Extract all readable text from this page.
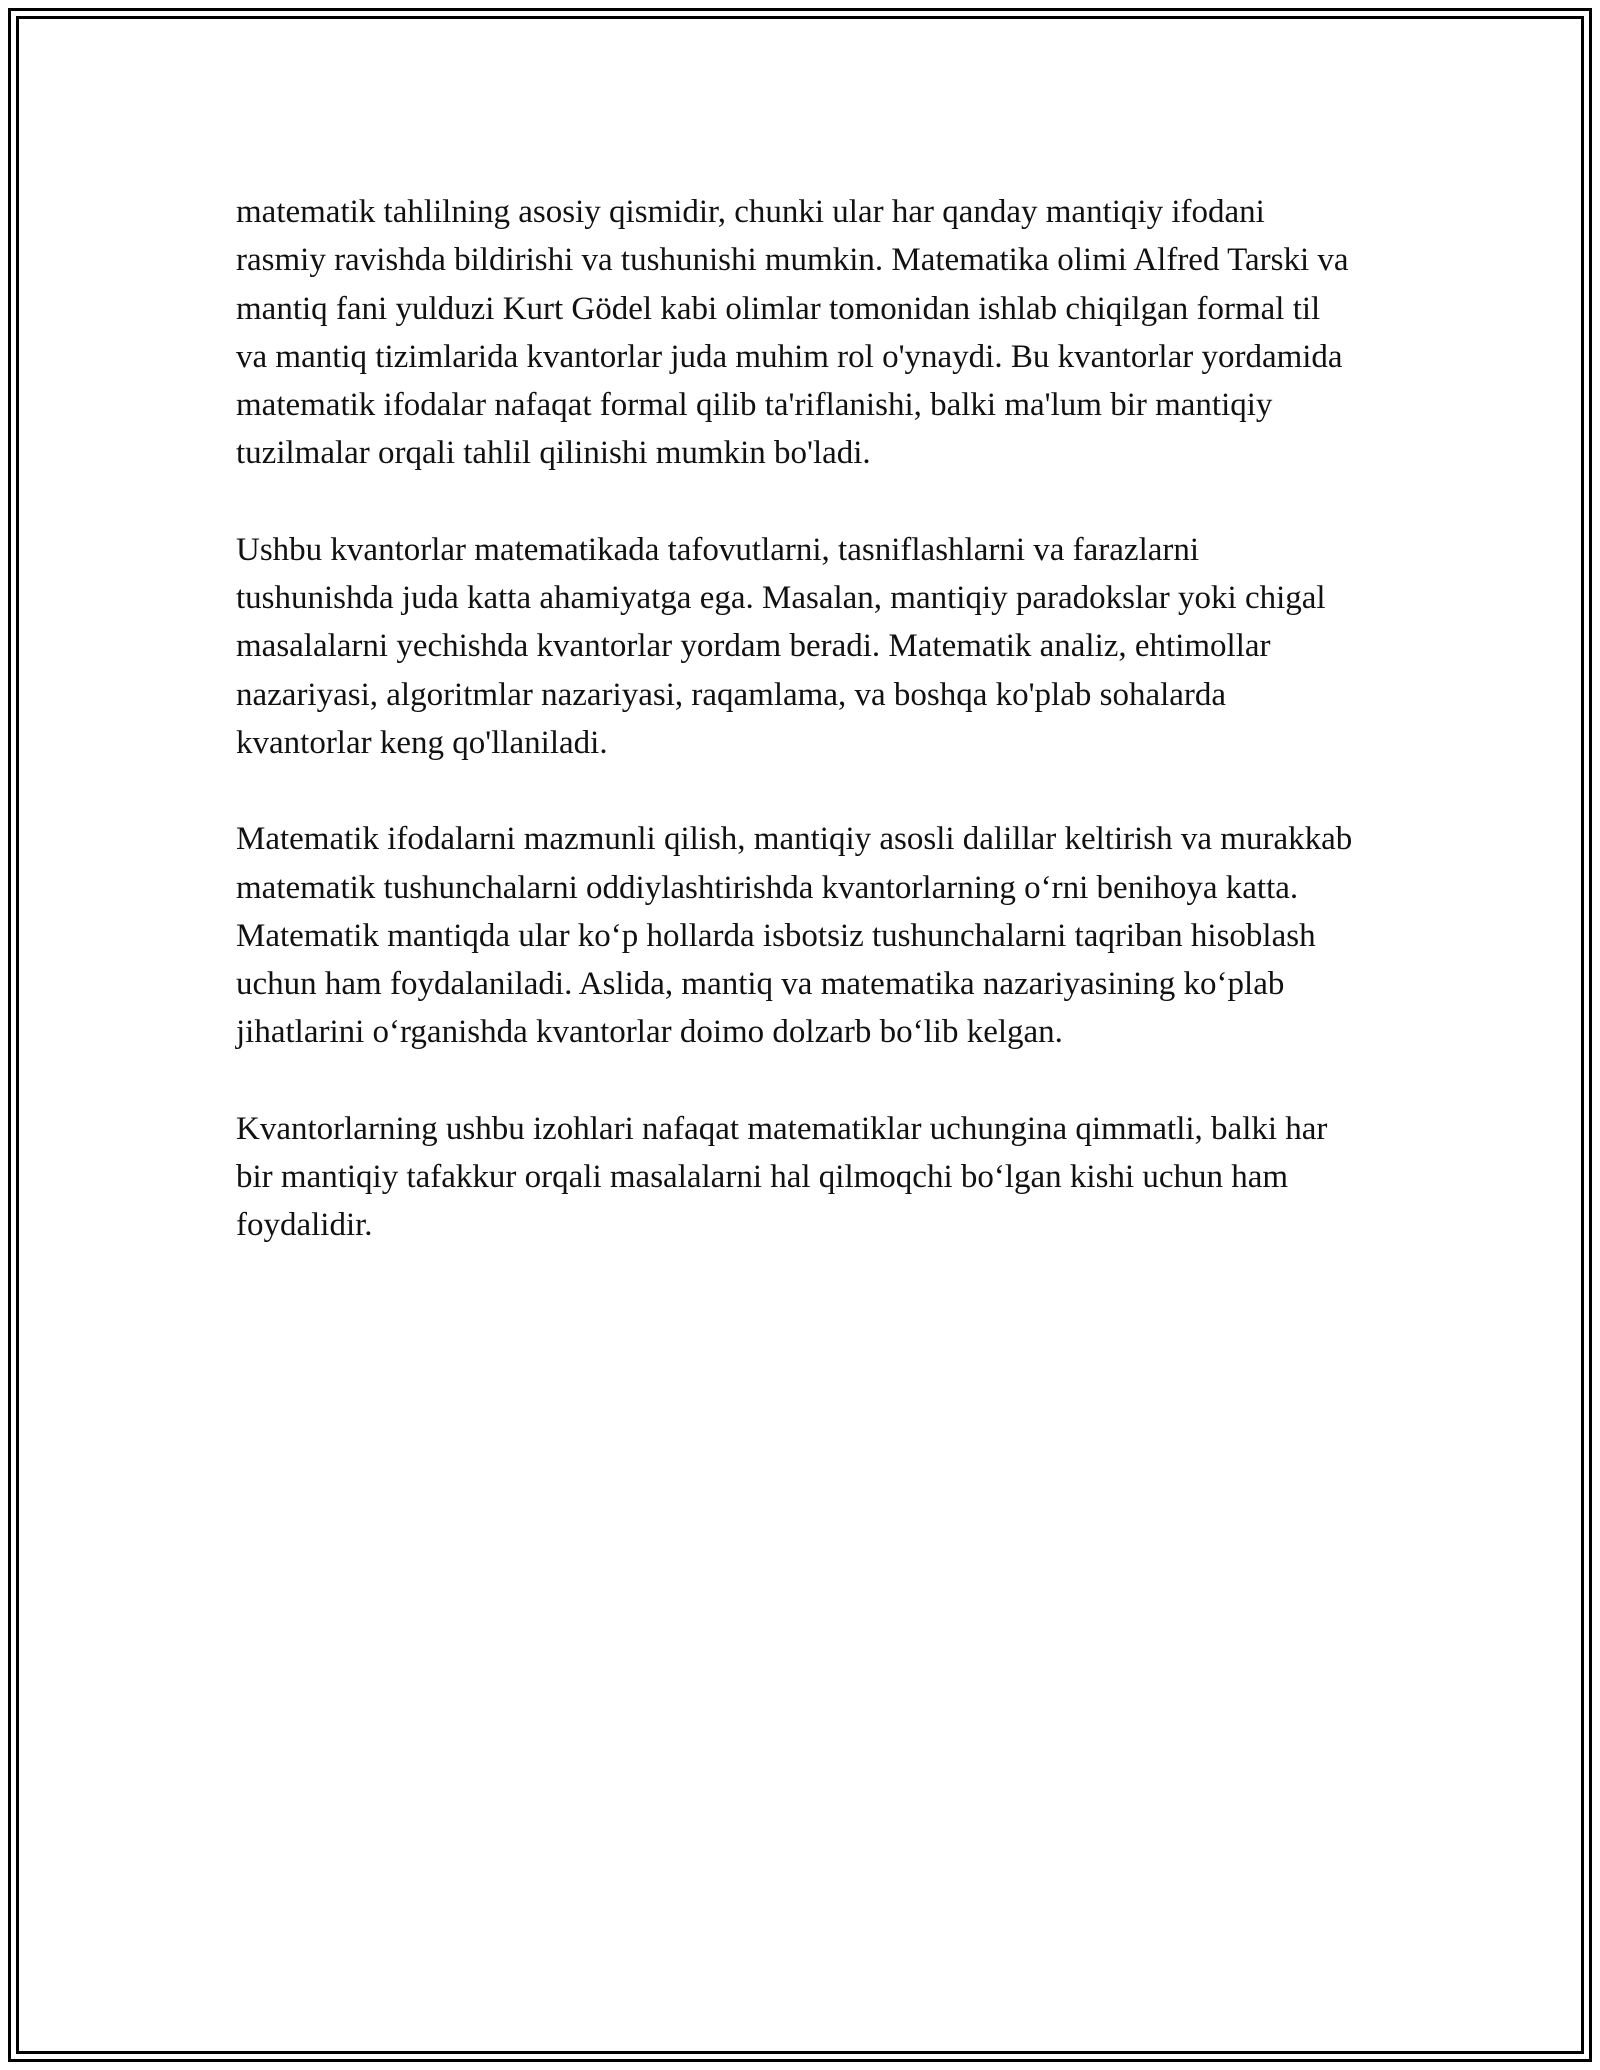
matematik tahlilning asosiy qismidir, chunki ular har qanday mantiqiy ifodani rasmiy ravishda bildirishi va tushunishi mumkin. Matematika olimi Alfred Tarski va mantiq fani yulduzi Kurt Gödel kabi olimlar tomonidan ishlab chiqilgan formal til va mantiq tizimlarida kvantorlar juda muhim rol o'ynaydi. Bu kvantorlar yordamida matematik ifodalar nafaqat formal qilib ta'riflanishi, balki ma'lum bir mantiqiy tuzilmalar orqali tahlil qilinishi mumkin bo'ladi.

Ushbu kvantorlar matematikada tafovutlarni, tasniflashlarni va farazlarni tushunishda juda katta ahamiyatga ega. Masalan, mantiqiy paradokslar yoki chigal masalalarni yechishda kvantorlar yordam beradi. Matematik analiz, ehtimollar nazariyasi, algoritmlar nazariyasi, raqamlama, va boshqa ko'plab sohalarda kvantorlar keng qo'llaniladi.

Matematik ifodalarni mazmunli qilish, mantiqiy asosli dalillar keltirish va murakkab matematik tushunchalarni oddiylashtirishda kvantorlarning oʻrni benihoya katta. Matematik mantiqda ular koʻp hollarda isbotsiz tushunchalarni taqriban hisoblash uchun ham foydalaniladi. Aslida, mantiq va matematika nazariyasining koʻplab jihatlarini oʻrganishda kvantorlar doimo dolzarb boʻlib kelgan.

Kvantorlarning ushbu izohlari nafaqat matematiklar uchungina qimmatli, balki har bir mantiqiy tafakkur orqali masalalarni hal qilmoqchi boʻlgan kishi uchun ham foydalidir.
